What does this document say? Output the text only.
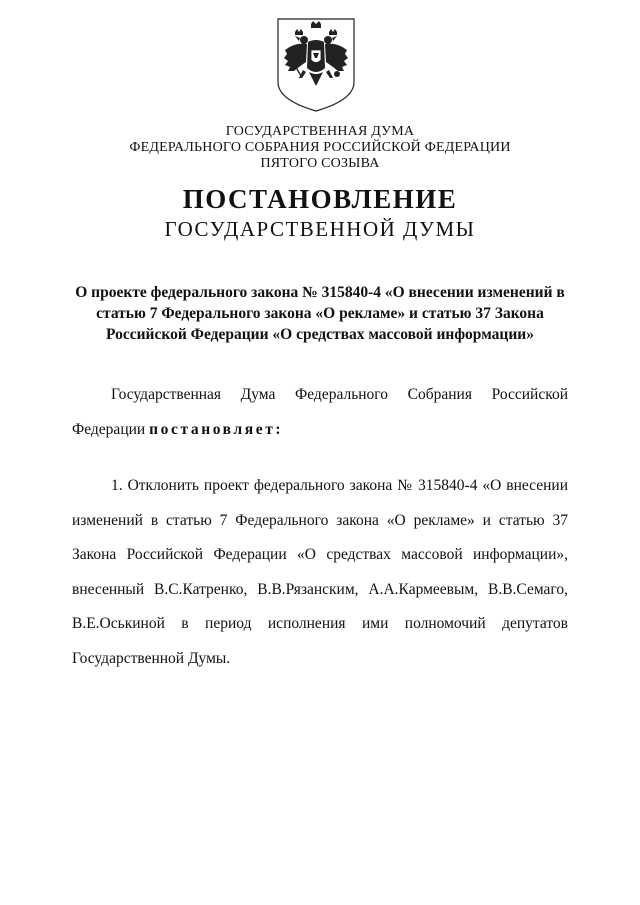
ГОСУДАРСТВЕННАЯ ДУМА
ФЕДЕРАЛЬНОГО СОБРАНИЯ РОССИЙСКОЙ ФЕДЕРАЦИИ
ПЯТОГО СОЗЫВА
ПОСТАНОВЛЕНИЕ
ГОСУДАРСТВЕННОЙ ДУМЫ
О проекте федерального закона № 315840-4 «О внесении изменений в
статью 7 Федерального закона «О рекламе» и статью 37 Закона
Российской Федерации «О средствах массовой информации»
Государственная Дума Федерального Собрания Российской
Федерации постановляет:
1. Отклонить проект федерального закона № 315840-4 «О внесении
изменений в статью 7 Федерального закона «О рекламе» и статью 37
Закона Российской Федерации «О средствах массовой информации»,
внесенный В.С.Катренко, В.В.Рязанским, А.А.Кармеевым, В.В.Семаго,
В.Е.Оськиной в период исполнения ими полномочий депутатов
Государственной Думы.
